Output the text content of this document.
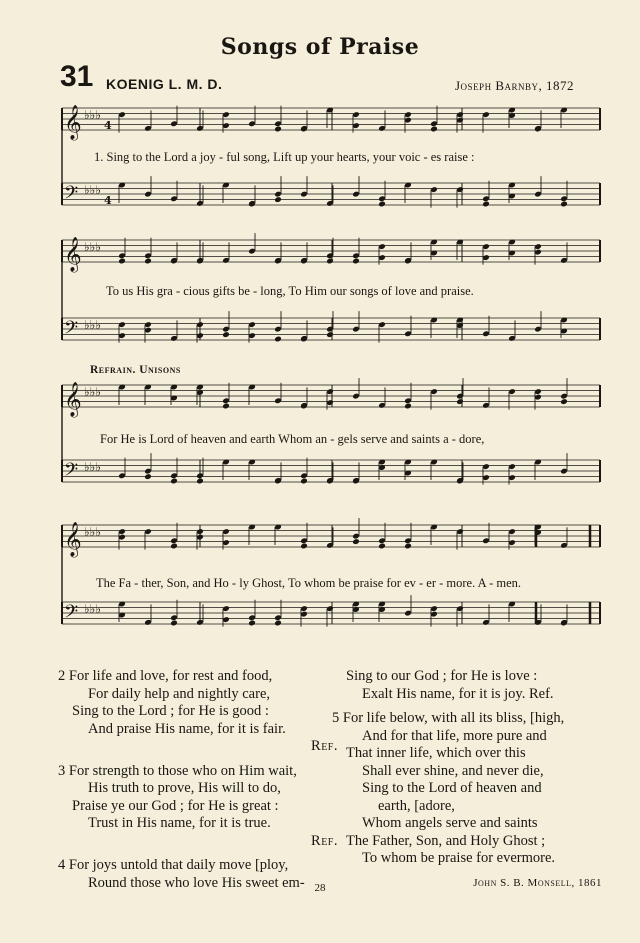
Songs of Praise
31 KOENIG L. M. D.	Joseph Barnby, 1872
𝄞 ♭♭♭
4
𝄢 ♭♭♭
4
𝄞 ♭♭♭
𝄢 ♭♭♭
𝄞 ♭♭♭
𝄢 ♭♭♭
𝄞 ♭♭♭
𝄢 ♭♭♭
1. Sing to the Lord a joy - ful song, Lift up your hearts, your voic - es raise :
To us His gra - cious gifts be - long, To Him our songs of love and praise.
Refrain. Unisons
For He is Lord of heaven and earth Whom an - gels serve and saints a - dore,
The Fa - ther, Son, and Ho - ly Ghost, To whom be praise for ev - er - more. A - men.
2 For life and love, for rest and food,
For daily help and nightly care,
Sing to the Lord ; for He is good :
And praise His name, for it is fair.
Ref.
3 For strength to those who on Him wait,
His truth to prove, His will to do,
Praise ye our God ; for He is great :
Trust in His name, for it is true.
Ref.
4 For joys untold that daily move [ploy,
Round those who love His sweet em-
Sing to our God ; for He is love :
Exalt His name, for it is joy. Ref.
5 For life below, with all its bliss, [high,
And for that life, more pure and
That inner life, which over this
Shall ever shine, and never die,
Sing to the Lord of heaven and
earth, [adore,
Whom angels serve and saints
The Father, Son, and Holy Ghost ;
To whom be praise for evermore.
John S. B. Monsell, 1861
28
